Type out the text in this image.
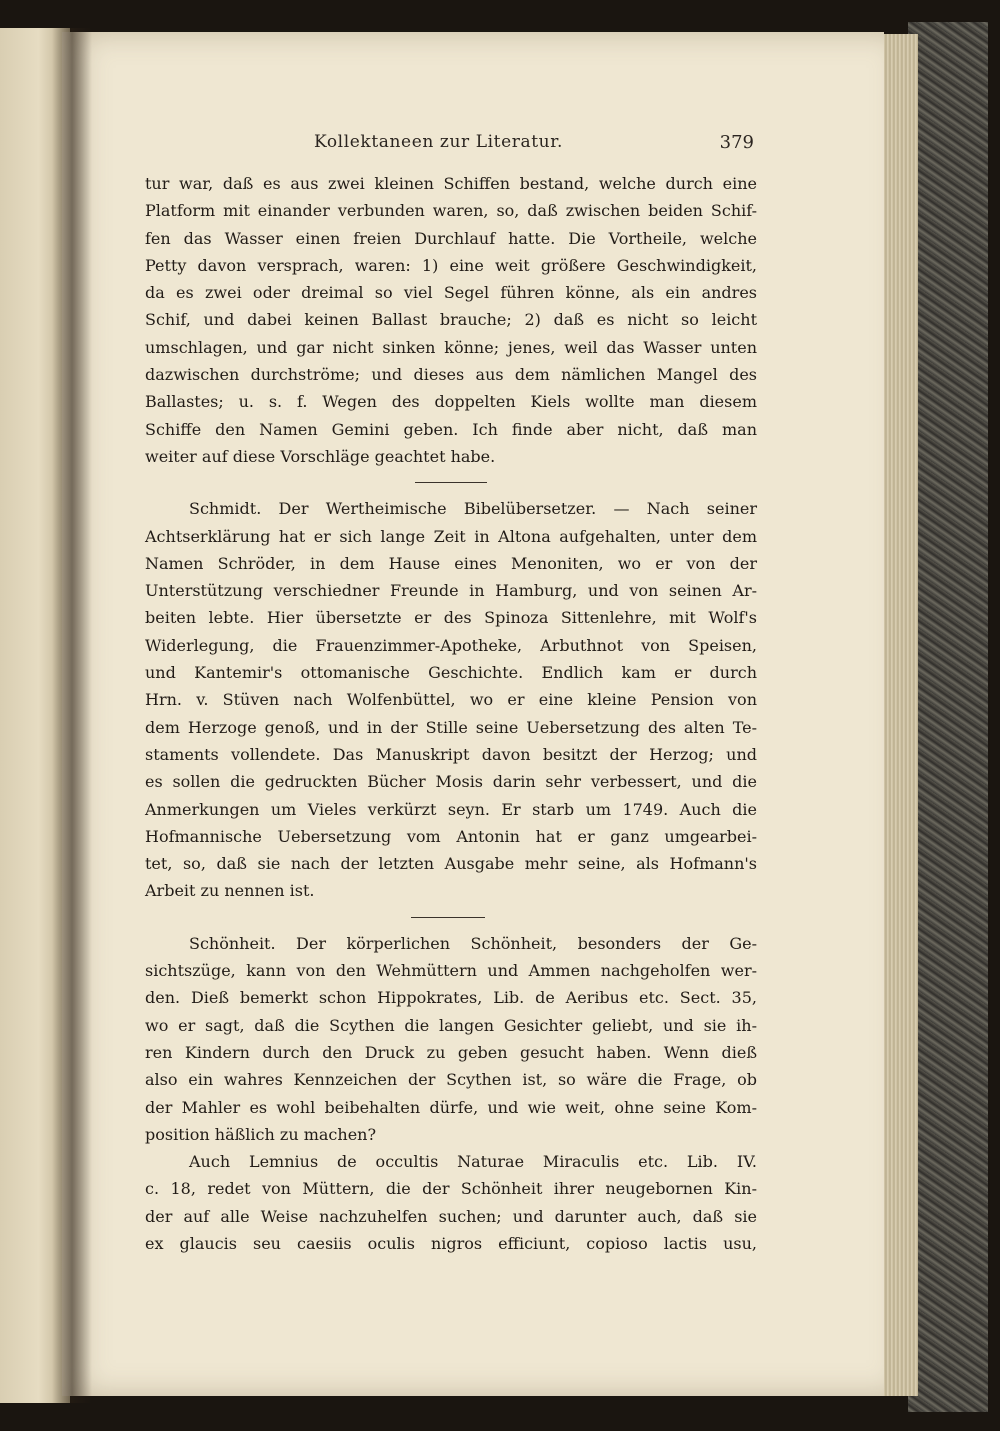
Kollektaneen zur Literatur.	379

tur war, daß es aus zwei kleinen Schiffen bestand, welche durch eine

Platform mit einander verbunden waren, so, daß zwischen beiden Schif-

fen das Wasser einen freien Durchlauf hatte. Die Vortheile, welche

Petty davon versprach, waren: 1) eine weit größere Geschwindigkeit,

da es zwei oder dreimal so viel Segel führen könne, als ein andres

Schif, und dabei keinen Ballast brauche; 2) daß es nicht so leicht

umschlagen, und gar nicht sinken könne; jenes, weil das Wasser unten

dazwischen durchströme; und dieses aus dem nämlichen Mangel des

Ballastes; u. s. f. Wegen des doppelten Kiels wollte man diesem

Schiffe den Namen Gemini geben. Ich finde aber nicht, daß man

weiter auf diese Vorschläge geachtet habe.

Schmidt. Der Wertheimische Bibelübersetzer. — Nach seiner

Achtserklärung hat er sich lange Zeit in Altona aufgehalten, unter dem

Namen Schröder, in dem Hause eines Menoniten, wo er von der

Unterstützung verschiedner Freunde in Hamburg, und von seinen Ar-

beiten lebte. Hier übersetzte er des Spinoza Sittenlehre, mit Wolf's

Widerlegung, die Frauenzimmer-Apotheke, Arbuthnot von Speisen,

und Kantemir's ottomanische Geschichte. Endlich kam er durch

Hrn. v. Stüven nach Wolfenbüttel, wo er eine kleine Pension von

dem Herzoge genoß, und in der Stille seine Uebersetzung des alten Te-

staments vollendete. Das Manuskript davon besitzt der Herzog; und

es sollen die gedruckten Bücher Mosis darin sehr verbessert, und die

Anmerkungen um Vieles verkürzt seyn. Er starb um 1749. Auch die

Hofmannische Uebersetzung vom Antonin hat er ganz umgearbei-

tet, so, daß sie nach der letzten Ausgabe mehr seine, als Hofmann's

Arbeit zu nennen ist.

Schönheit. Der körperlichen Schönheit, besonders der Ge-

sichtszüge, kann von den Wehmüttern und Ammen nachgeholfen wer-

den. Dieß bemerkt schon Hippokrates, Lib. de Aeribus etc. Sect. 35,

wo er sagt, daß die Scythen die langen Gesichter geliebt, und sie ih-

ren Kindern durch den Druck zu geben gesucht haben. Wenn dieß

also ein wahres Kennzeichen der Scythen ist, so wäre die Frage, ob

der Mahler es wohl beibehalten dürfe, und wie weit, ohne seine Kom-

position häßlich zu machen?

Auch Lemnius de occultis Naturae Miraculis etc. Lib. IV.

c. 18, redet von Müttern, die der Schönheit ihrer neugebornen Kin-

der auf alle Weise nachzuhelfen suchen; und darunter auch, daß sie

ex glaucis seu caesiis oculis nigros efficiunt, copioso lactis usu,
